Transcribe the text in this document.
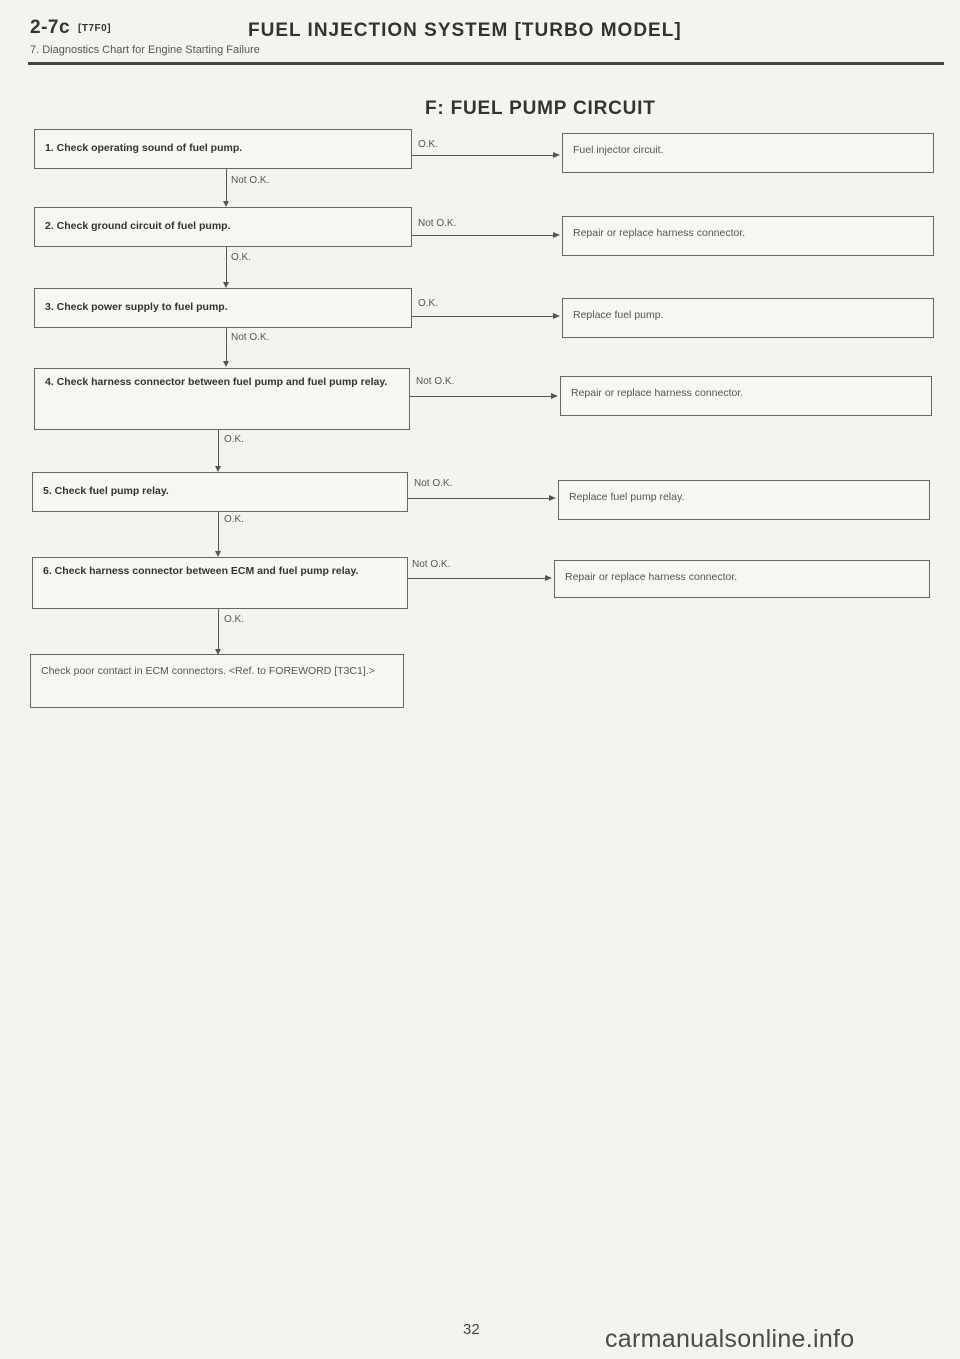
2-7c [T7F0]	FUEL INJECTION SYSTEM [TURBO MODEL]
7. Diagnostics Chart for Engine Starting Failure
F: FUEL PUMP CIRCUIT
1. Check operating sound of fuel pump.
Not O.K.
O.K.	Fuel injector circuit.
2. Check ground circuit of fuel pump.
O.K.
Not O.K.
Repair or replace harness connector.
3. Check power supply to fuel pump.
Not O.K.
O.K.
Replace fuel pump.
4. Check harness connector between fuel pump and fuel pump relay.
O.K.
Not O.K.
Repair or replace harness connector.
5. Check fuel pump relay.
O.K.
Not O.K.
Replace fuel pump relay.
6. Check harness connector between ECM and fuel pump relay.
O.K.
Not O.K.
Repair or replace harness connector.
Check poor contact in ECM connectors. <Ref. to FOREWORD [T3C1].>
32	carmanualsonline.info
